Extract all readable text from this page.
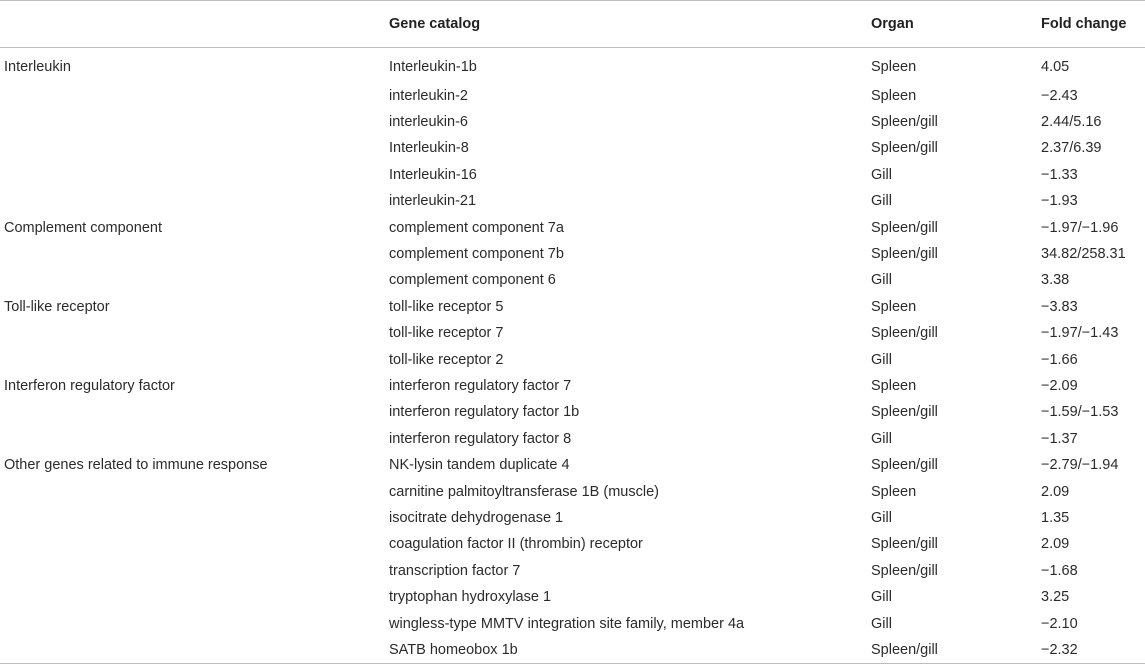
	Gene catalog	Organ	Fold change
Interleukin	Interleukin-1b	Spleen	4.05
	interleukin-2	Spleen	−2.43
	interleukin-6	Spleen/gill	2.44/5.16
	Interleukin-8	Spleen/gill	2.37/6.39
	Interleukin-16	Gill	−1.33
	interleukin-21	Gill	−1.93
Complement component	complement component 7a	Spleen/gill	−1.97/−1.96
	complement component 7b	Spleen/gill	34.82/258.31
	complement component 6	Gill	3.38
Toll-like receptor	toll-like receptor 5	Spleen	−3.83
	toll-like receptor 7	Spleen/gill	−1.97/−1.43
	toll-like receptor 2	Gill	−1.66
Interferon regulatory factor	interferon regulatory factor 7	Spleen	−2.09
	interferon regulatory factor 1b	Spleen/gill	−1.59/−1.53
	interferon regulatory factor 8	Gill	−1.37
Other genes related to immune response	NK-lysin tandem duplicate 4	Spleen/gill	−2.79/−1.94
	carnitine palmitoyltransferase 1B (muscle)	Spleen	2.09
	isocitrate dehydrogenase 1	Gill	1.35
	coagulation factor II (thrombin) receptor	Spleen/gill	2.09
	transcription factor 7	Spleen/gill	−1.68
	tryptophan hydroxylase 1	Gill	3.25
	wingless-type MMTV integration site family, member 4a	Gill	−2.10
	SATB homeobox 1b	Spleen/gill	−2.32
